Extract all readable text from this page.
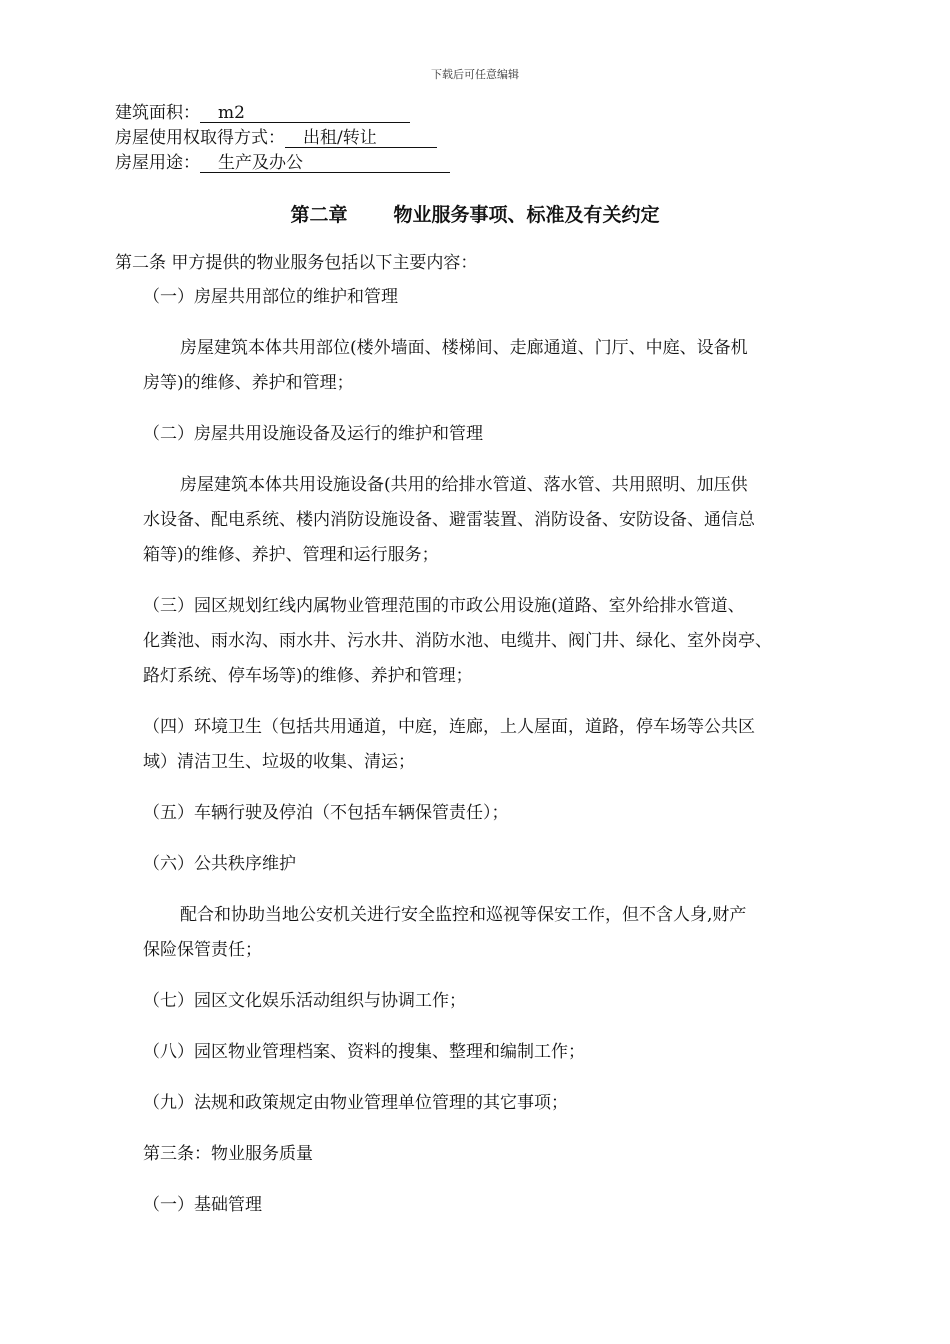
下载后可任意编辑
建筑面积： m2
房屋使用权取得方式： 出租/转让
房屋用途： 生产及办公
第二章 物业服务事项、标准及有关约定
第二条 甲方提供的物业服务包括以下主要内容：
（一）房屋共用部位的维护和管理
房屋建筑本体共用部位(楼外墙面、楼梯间、走廊通道、门厅、中庭、设备机
房等)的维修、养护和管理；
（二）房屋共用设施设备及运行的维护和管理
房屋建筑本体共用设施设备(共用的给排水管道、落水管、共用照明、加压供
水设备、配电系统、楼内消防设施设备、避雷装置、消防设备、安防设备、通信总
箱等)的维修、养护、管理和运行服务；
（三）园区规划红线内属物业管理范围的市政公用设施(道路、室外给排水管道、
化粪池、雨水沟、雨水井、污水井、消防水池、电缆井、阀门井、绿化、室外岗亭、
路灯系统、停车场等)的维修、养护和管理；
（四）环境卫生（包括共用通道，中庭，连廊，上人屋面，道路，停车场等公共区
域）清洁卫生、垃圾的收集、清运；
（五）车辆行驶及停泊（不包括车辆保管责任）；
（六）公共秩序维护
配合和协助当地公安机关进行安全监控和巡视等保安工作，但不含人身,财产
保险保管责任；
（七）园区文化娱乐活动组织与协调工作；
（八）园区物业管理档案、资料的搜集、整理和编制工作；
（九）法规和政策规定由物业管理单位管理的其它事项；
第三条：物业服务质量
（一）基础管理
